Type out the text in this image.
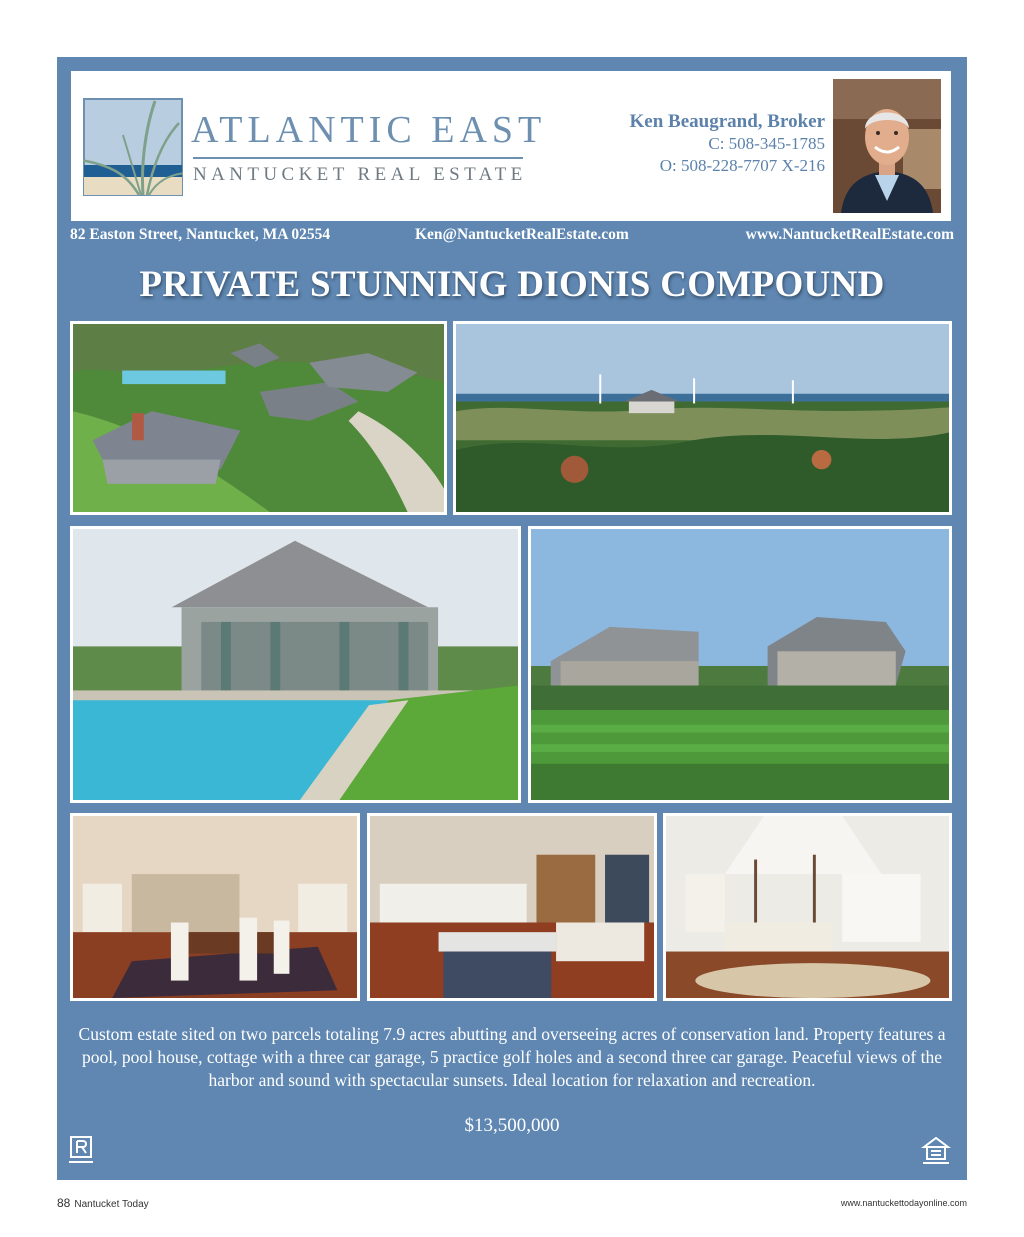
ATLANTIC EAST
NANTUCKET REAL ESTATE
Ken Beaugrand, Broker
C: 508-345-1785
O: 508-228-7707 X-216
82 Easton Street, Nantucket, MA 02554	Ken@NantucketRealEstate.com	www.NantucketRealEstate.com
PRIVATE STUNNING DIONIS COMPOUND
Custom estate sited on two parcels totaling 7.9 acres abutting and overseeing acres of conservation land. Property features a pool, pool house, cottage with a three car garage, 5 practice golf holes and a second three car garage. Peaceful views of the harbor and sound with spectacular sunsets. Ideal location for relaxation and recreation.
$13,500,000
88 Nantucket Today	www.nantuckettodayonline.com
